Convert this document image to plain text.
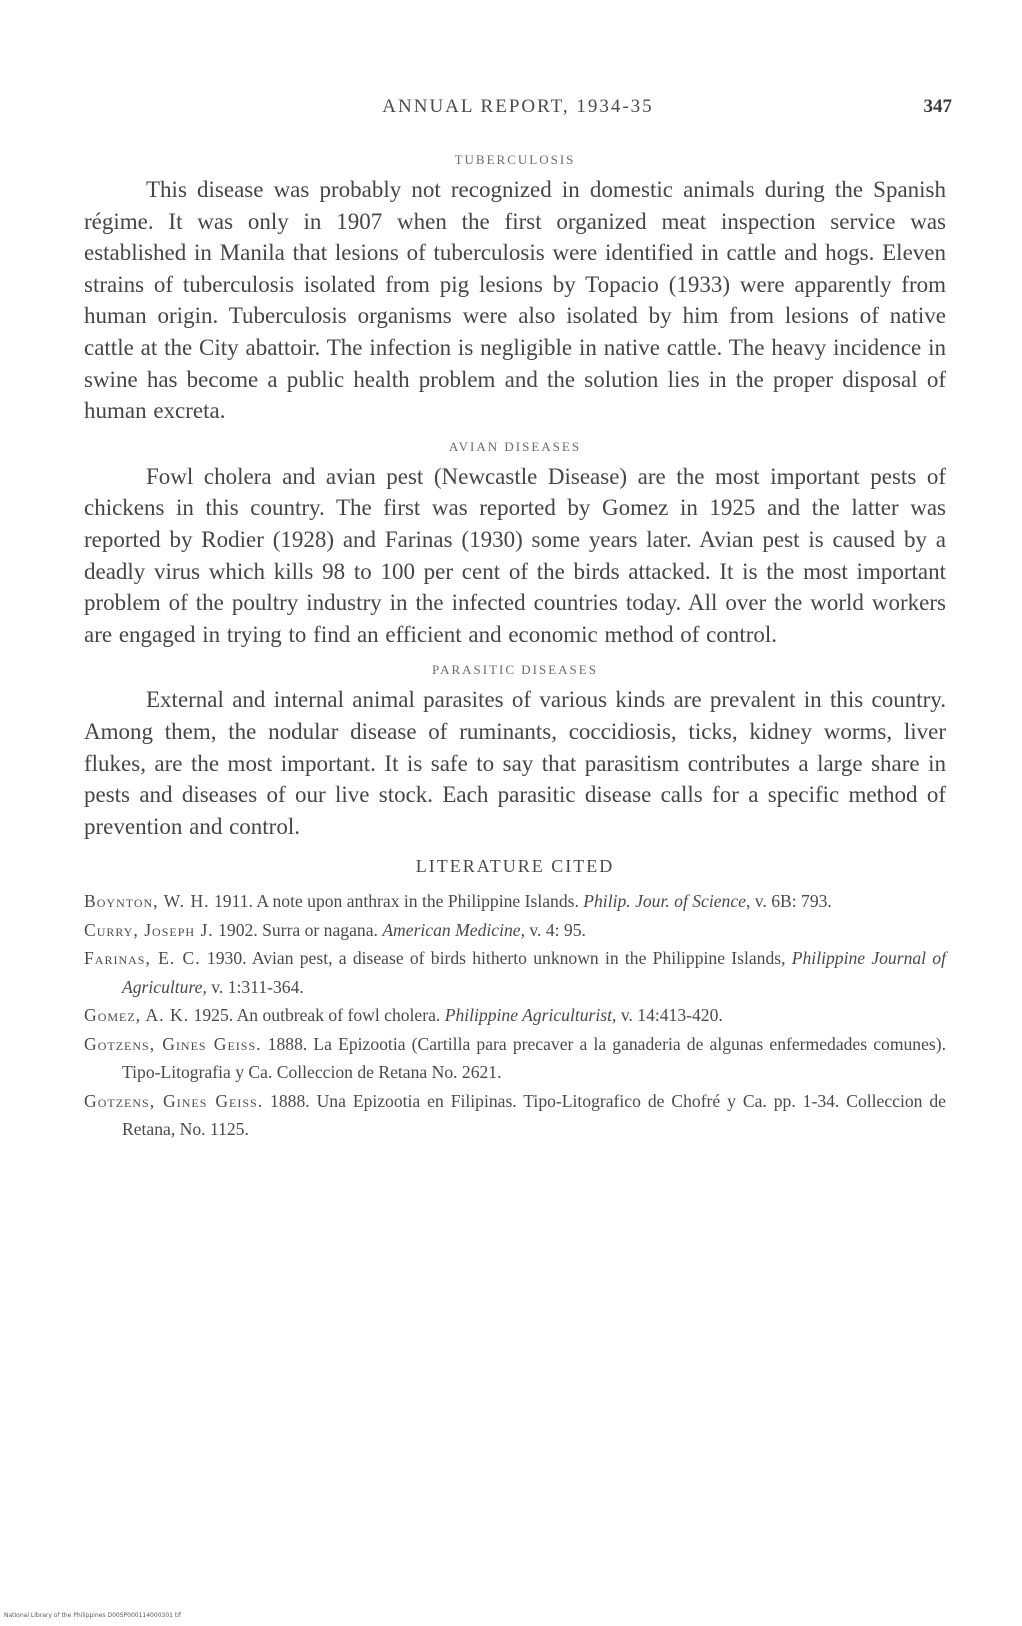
ANNUAL REPORT, 1934-35	347
TUBERCULOSIS

This disease was probably not recognized in domestic animals during the Spanish régime. It was only in 1907 when the first organized meat inspection service was established in Manila that lesions of tuberculosis were identified in cattle and hogs. Eleven strains of tuberculosis isolated from pig lesions by Topacio (1933) were apparently from human origin. Tuberculosis organisms were also isolated by him from lesions of native cattle at the City abattoir. The infection is negligible in native cattle. The heavy incidence in swine has become a public health problem and the solution lies in the proper disposal of human excreta.

AVIAN DISEASES

Fowl cholera and avian pest (Newcastle Disease) are the most important pests of chickens in this country. The first was reported by Gomez in 1925 and the latter was reported by Rodier (1928) and Farinas (1930) some years later. Avian pest is caused by a deadly virus which kills 98 to 100 per cent of the birds attacked. It is the most important problem of the poultry industry in the infected countries today. All over the world workers are engaged in trying to find an efficient and economic method of control.

PARASITIC DISEASES

External and internal animal parasites of various kinds are prevalent in this country. Among them, the nodular disease of ruminants, coccidiosis, ticks, kidney worms, liver flukes, are the most important. It is safe to say that parasitism contributes a large share in pests and diseases of our live stock. Each parasitic disease calls for a specific method of prevention and control.

LITERATURE CITED

Boynton, W. H. 1911. A note upon anthrax in the Philippine Islands. Philip. Jour. of Science, v. 6B: 793.

Curry, Joseph J. 1902. Surra or nagana. American Medicine, v. 4: 95.

Farinas, E. C. 1930. Avian pest, a disease of birds hitherto unknown in the Philippine Islands, Philippine Journal of Agriculture, v. 1:311-364.

Gomez, A. K. 1925. An outbreak of fowl cholera. Philippine Agriculturist, v. 14:413-420.

Gotzens, Gines Geiss. 1888. La Epizootia (Cartilla para precaver a la ganaderia de algunas enfermedades comunes). Tipo-Litografia y Ca. Colleccion de Retana No. 2621.

Gotzens, Gines Geiss. 1888. Una Epizootia en Filipinas. Tipo-Litografico de Chofré y Ca. pp. 1-34. Colleccion de Retana, No. 1125.

National Library of the Philippines D00SP000114000301 tif
